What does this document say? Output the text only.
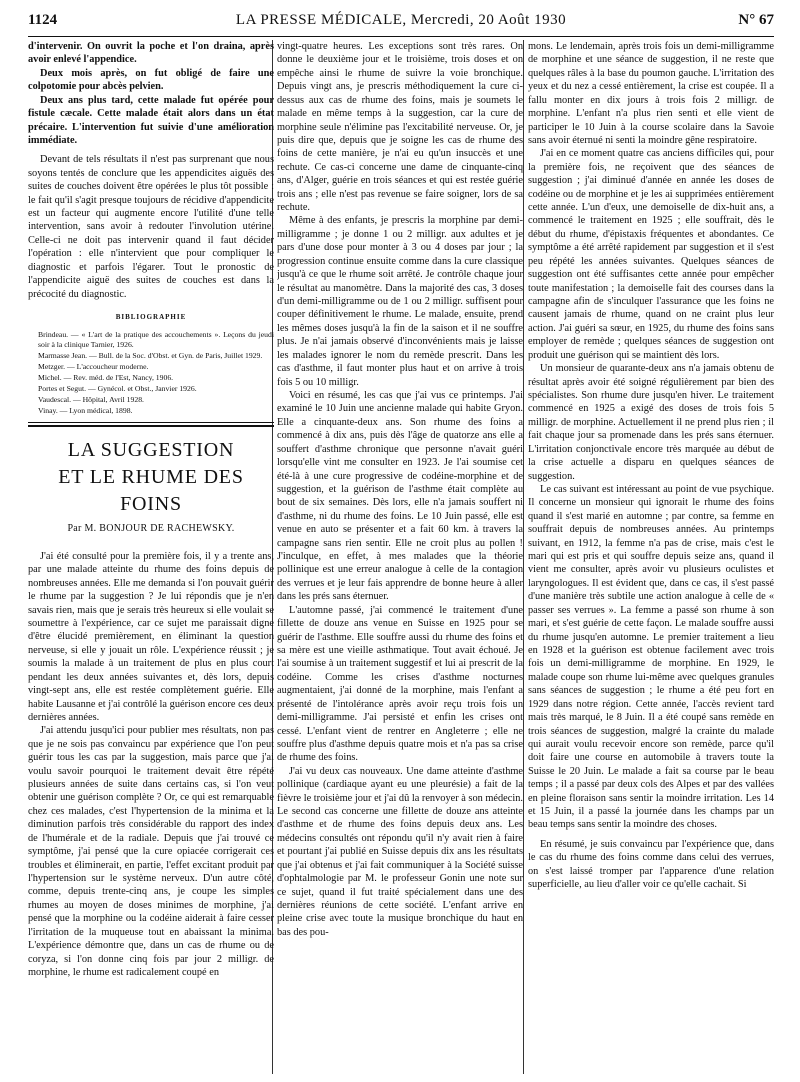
1124	LA PRESSE MÉDICALE, Mercredi, 20 Août 1930	N° 67

d'intervenir. On ouvrit la poche et l'on draina, après avoir enlevé l'appendice.

Deux mois après, on fut obligé de faire une colpotomie pour abcès pelvien.

Deux ans plus tard, cette malade fut opérée pour fistule cæcale. Cette malade était alors dans un état précaire. L'intervention fut suivie d'une amélioration immédiate.

Devant de tels résultats il n'est pas surprenant que nous soyons tentés de conclure que les appendicites aiguës des suites de couches doivent être opérées le plus tôt possible : le fait qu'il s'agit presque toujours de récidive d'appendicite est un facteur qui augmente encore l'utilité d'une telle intervention, sans avoir à redouter l'involution utérine. Celle-ci ne doit pas intervenir quand il faut décider l'opération : elle n'intervient que pour compliquer le diagnostic et parfois l'égarer. Tout le pronostic de l'appendicite aiguë des suites de couches est dans la précocité du diagnostic.

BIBLIOGRAPHIE

Brindeau. — « L'art de la pratique des accouchements ». Leçons du jeudi soir à la clinique Tarnier, 1926.

Marmasse Jean. — Bull. de la Soc. d'Obst. et Gyn. de Paris, Juillet 1929.

Metzger. — L'accoucheur moderne.

Michel. — Rev. méd. de l'Est, Nancy, 1906.

Portes et Segut. — Gynécol. et Obst., Janvier 1926.

Vaudescal. — Hôpital, Avril 1928.

Vinay. — Lyon médical, 1898.

LA SUGGESTION
ET LE RHUME DES FOINS
Par M. BONJOUR DE RACHEWSKY.

J'ai été consulté pour la première fois, il y a trente ans, par une malade atteinte du rhume des foins depuis de nombreuses années. Elle me demanda si l'on pouvait guérir le rhume par la suggestion ? Je lui répondis que je n'en savais rien, mais que je serais très heureux si elle voulait se soumettre à l'expérience, car ce sujet me paraissait digne d'être élucidé premièrement, en éliminant la question nerveuse, si elle y jouait un rôle. L'expérience réussit ; je soumis la malade à un traitement de plus en plus court pendant les deux années suivantes et, dès lors, depuis vingt-sept ans, elle est restée complètement guérie. Elle habite Lausanne et j'ai contrôlé la guérison encore ces deux dernières années.

J'ai attendu jusqu'ici pour publier mes résultats, non pas que je ne sois pas convaincu par expérience que l'on peut guérir tous les cas par la suggestion, mais parce que j'ai voulu savoir pourquoi le traitement devait être répété plusieurs années de suite dans certains cas, si l'on veut obtenir une guérison complète ? Or, ce qui est remarquable chez ces malades, c'est l'hypertension de la minima et la diminution parfois très considérable du rapport des index de l'humérale et de la radiale. Depuis que j'ai trouvé ce symptôme, j'ai pensé que la cure opiacée corrigerait ces troubles et éliminerait, en partie, l'effet excitant produit par l'hypertension sur le système nerveux. D'un autre côté, comme, depuis trente-cinq ans, je coupe les simples rhumes au moyen de doses minimes de morphine, j'ai pensé que la morphine ou la codéine aiderait à faire cesser l'irritation de la muqueuse tout en abaissant la minima. L'expérience démontre que, dans un cas de rhume ou de coryza, si l'on donne cinq fois par jour 2 milligr. de morphine, le rhume est radicalement coupé en

vingt-quatre heures. Les exceptions sont très rares. On donne le deuxième jour et le troisième, trois doses et on empêche ainsi le rhume de suivre la voie bronchique. Depuis vingt ans, je prescris méthodiquement la cure ci-dessus aux cas de rhume des foins, mais je soumets le malade en même temps à la suggestion, car la cure de morphine seule n'élimine pas l'excitabilité nerveuse. Or, je puis dire que, depuis que je soigne les cas de rhume des foins de cette manière, je n'ai eu qu'un insuccès et une rechute. Ce cas-ci concerne une dame de cinquante-cinq ans, d'Alger, guérie en trois séances et qui est restée guérie trois ans ; elle n'est pas revenue se faire soigner, lors de sa rechute.

Même à des enfants, je prescris la morphine par demi-milligramme ; je donne 1 ou 2 milligr. aux adultes et je pars d'une dose pour monter à 3 ou 4 doses par jour ; la progression continue ensuite comme dans la cure classique jusqu'à ce que le rhume soit arrêté. Je contrôle chaque jour le résultat au manomètre. Dans la majorité des cas, 3 doses d'un demi-milligramme ou de 1 ou 2 milligr. suffisent pour couper définitivement le rhume. Le malade, ensuite, prend les mêmes doses jusqu'à la fin de la saison et il ne souffre plus. Je n'ai jamais observé d'inconvénients mais je laisse les malades ignorer le nom du remède prescrit. Dans les cas d'asthme, il faut monter plus haut et on arrive à trois fois 5 ou 10 milligr.

Voici en résumé, les cas que j'ai vus ce printemps. J'ai examiné le 10 Juin une ancienne malade qui habite Gryon. Elle a cinquante-deux ans. Son rhume des foins a commencé à dix ans, puis dès l'âge de quatorze ans elle a souffert d'asthme chronique que personne n'avait guéri lorsqu'elle vint me consulter en 1923. Je l'ai soumise cet été-là à une cure progressive de codéine-morphine et de suggestion, et la guérison de l'asthme était complète au bout de six semaines. Dès lors, elle n'a jamais souffert ni d'asthme, ni du rhume des foins. Le 10 Juin passé, elle est venue en auto se présenter et a fait 60 km. à travers la campagne sans rien sentir. Elle ne croit plus au pollen ! J'inculque, en effet, à mes malades que la théorie pollinique est une erreur analogue à celle de la contagion des verrues et je leur fais apprendre de bonne heure à aller dans les prés sans éternuer.

L'automne passé, j'ai commencé le traitement d'une fillette de douze ans venue en Suisse en 1925 pour se guérir de l'asthme. Elle souffre aussi du rhume des foins et sa mère est une vieille asthmatique. Tout avait échoué. Je l'ai soumise à un traitement suggestif et lui ai prescrit de la codéine. Comme les crises d'asthme nocturnes augmentaient, j'ai donné de la morphine, mais l'enfant a présenté de l'intolérance après avoir reçu trois fois un demi-milligramme. J'ai persisté et enfin les crises ont cessé. L'enfant vient de rentrer en Angleterre ; elle ne souffre plus d'asthme depuis quatre mois et n'a pas sa crise de rhume des foins.

J'ai vu deux cas nouveaux. Une dame atteinte d'asthme pollinique (cardiaque ayant eu une pleurésie) a fait de la fièvre le troisième jour et j'ai dû la renvoyer à son médecin. Le second cas concerne une fillette de douze ans atteinte d'asthme et de rhume des foins depuis deux ans. Les médecins consultés ont répondu qu'il n'y avait rien à faire et pourtant j'ai publié en Suisse depuis dix ans les résultats que j'ai obtenus et j'ai fait communiquer à la Société suisse d'ophtalmologie par M. le professeur Gonin une note sur ce sujet, quand il fut traité spécialement dans une des dernières réunions de cette société. L'enfant arrive en pleine crise avec toute la musique bronchique du haut en bas des pou-

mons. Le lendemain, après trois fois un demi-milligramme de morphine et une séance de suggestion, il ne reste que quelques râles à la base du poumon gauche. L'irritation des yeux et du nez a cessé entièrement, la crise est coupée. Il a fallu monter en dix jours à trois fois 2 milligr. de morphine. L'enfant n'a plus rien senti et elle vient de participer le 10 Juin à la course scolaire dans la Savoie sans avoir éternué ni senti la moindre gêne respiratoire.

J'ai en ce moment quatre cas anciens difficiles qui, pour la première fois, ne reçoivent que des séances de suggestion ; j'ai diminué d'année en année les doses de codéine ou de morphine et je les ai supprimées entièrement cette année. L'un d'eux, une demoiselle de dix-huit ans, a commencé le traitement en 1925 ; elle souffrait, dès le début du rhume, d'épistaxis fréquentes et abondantes. Ce symptôme a été arrêté rapidement par suggestion et il s'est peu répété les années suivantes. Quelques séances de suggestion ont été suffisantes cette année pour empêcher toute manifestation ; la demoiselle fait des courses dans la campagne afin de s'inculquer l'assurance que les foins ne causent jamais de rhume, quand on ne craint plus leur action. J'ai guéri sa sœur, en 1925, du rhume des foins sans employer de remède ; quelques séances de suggestion ont produit une guérison qui se maintient dès lors.

Un monsieur de quarante-deux ans n'a jamais obtenu de résultat après avoir été soigné régulièrement par bien des spécialistes. Son rhume dure jusqu'en hiver. Le traitement commencé en 1925 a exigé des doses de trois fois 5 milligr. de morphine. Actuellement il ne prend plus rien ; il fait chaque jour sa promenade dans les prés sans éternuer. L'irritation conjonctivale encore très marquée au début de la crise actuelle a disparu en quelques séances de suggestion.

Le cas suivant est intéressant au point de vue psychique. Il concerne un monsieur qui ignorait le rhume des foins quand il s'est marié en automne ; par contre, sa femme en souffrait depuis de nombreuses années. Au printemps suivant, en 1912, la femme n'a pas de crise, mais c'est le mari qui est pris et qui souffre depuis seize ans, quand il vient me consulter, après avoir vu plusieurs oculistes et laryngologues. Il est évident que, dans ce cas, il s'est passé d'une manière très subtile une action analogue à celle de « passer ses verrues ». La femme a passé son rhume à son mari, et s'est guérie de cette façon. Le malade souffre aussi du rhume jusqu'en automne. Le premier traitement a lieu en 1928 et la guérison est obtenue facilement avec trois fois un demi-milligramme de morphine. En 1929, le malade coupe son rhume lui-même avec quelques granules sans séances de suggestion ; le rhume a été peu fort en 1929 dans notre région. Cette année, l'accès revient tard mais très marqué, le 8 Juin. Il a été coupé sans remède en trois séances de suggestion, malgré la crainte du malade qui aurait voulu recevoir encore son remède, parce qu'il doit faire une course en automobile à travers toute la Suisse le 20 Juin. Le malade a fait sa course par le beau temps ; il a passé par deux cols des Alpes et par des vallées en pleine floraison sans sentir la moindre irritation. Les 14 et 15 Juin, il a passé la journée dans les champs par un beau temps sans sentir la moindre des choses.

En résumé, je suis convaincu par l'expérience que, dans le cas du rhume des foins comme dans celui des verrues, on s'est laissé tromper par l'apparence d'une relation superficielle, au lieu d'aller voir ce qu'elle cachait. Si
